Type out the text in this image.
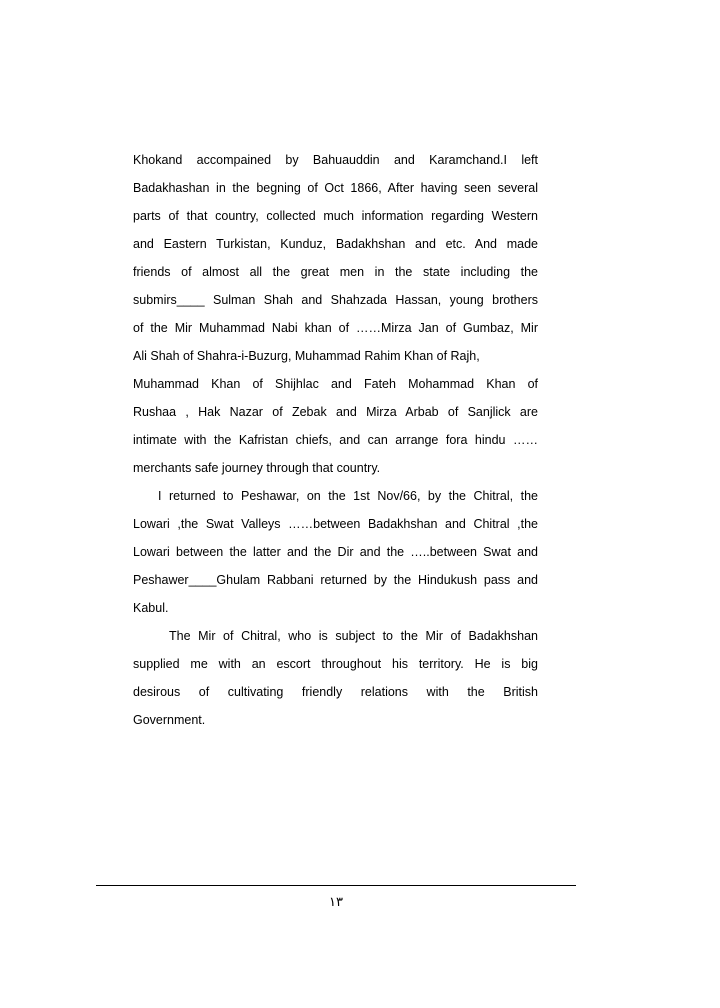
Khokand accompained by Bahuauddin and Karamchand.I left
Badakhashan in the begning of Oct 1866, After having seen several
parts of that country, collected much information regarding Western
and Eastern Turkistan, Kunduz, Badakhshan and etc. And made
friends of almost all the great men in the state including the
submirs____ Sulman Shah and Shahzada Hassan, young brothers
of the Mir Muhammad Nabi khan of ……Mirza Jan of Gumbaz, Mir
Ali Shah of Shahra-i-Buzurg, Muhammad Rahim Khan of Rajh,
Muhammad Khan of Shijhlac and Fateh Mohammad Khan of
Rushaa , Hak Nazar of Zebak and Mirza Arbab of Sanjlick are
intimate with the Kafristan chiefs, and can arrange fora hindu ……
merchants safe journey through that country.
I returned to Peshawar, on the 1st Nov/66, by the Chitral, the
Lowari ,the Swat Valleys ……between Badakhshan and Chitral ,the
Lowari between the latter and the Dir and the …..between Swat and
Peshawer____Ghulam Rabbani returned by the Hindukush pass and
Kabul.
The Mir of Chitral, who is subject to the Mir of Badakhshan
supplied me with an escort throughout his territory. He is big
desirous of cultivating friendly relations with the British
Government.
۱۳
